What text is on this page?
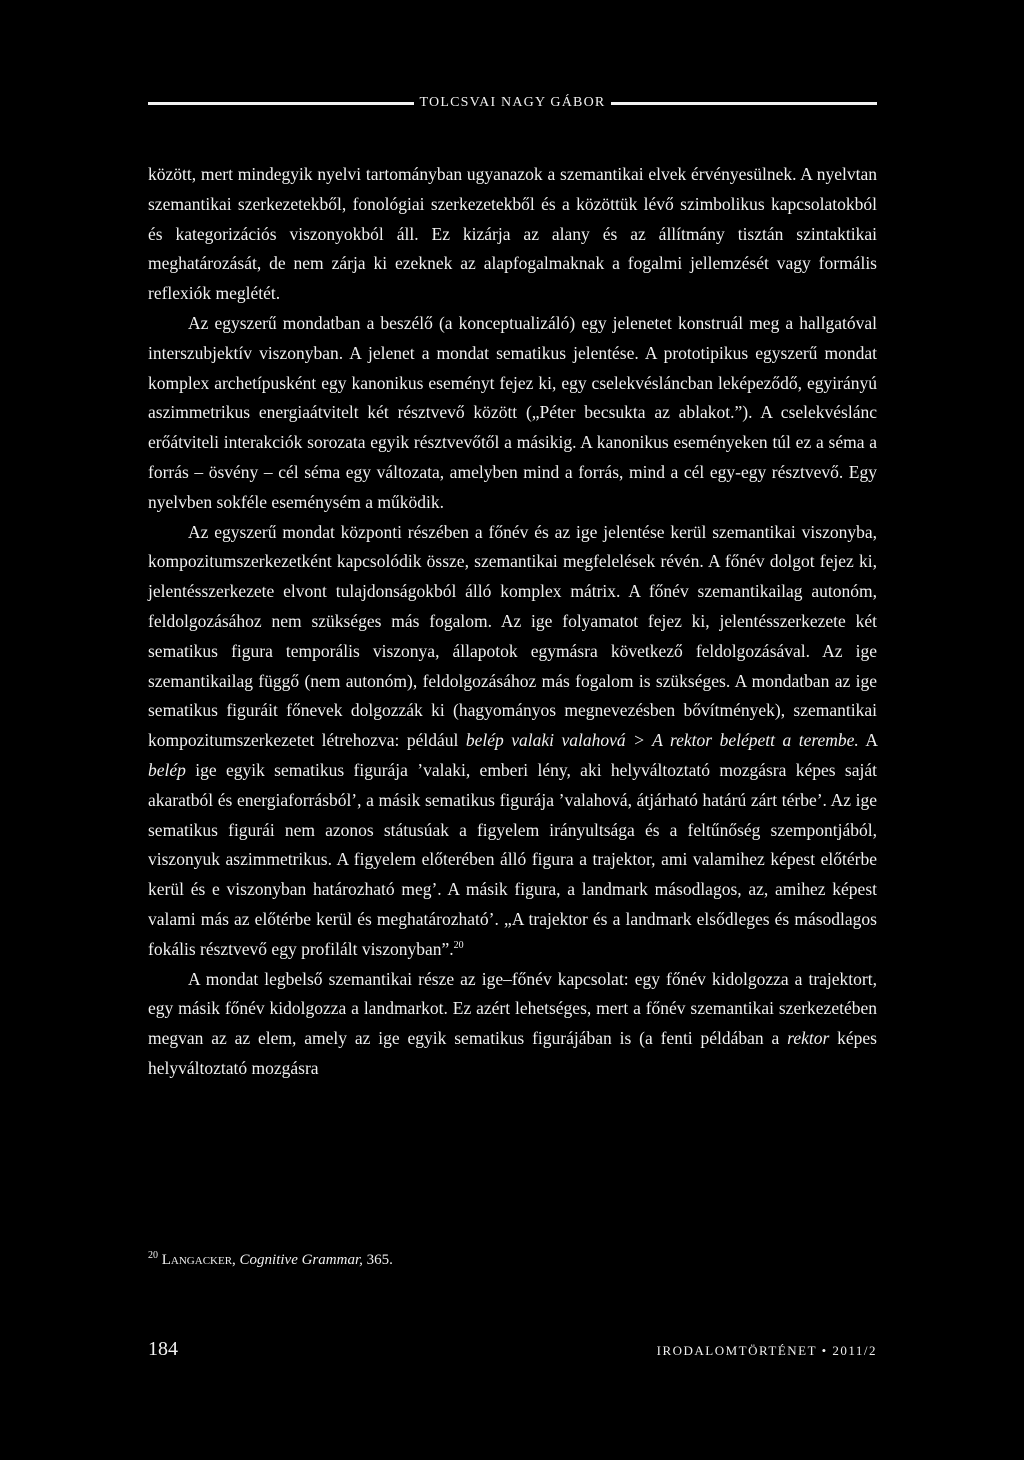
TOLCSVAI NAGY GÁBOR

között, mert mindegyik nyelvi tartományban ugyanazok a szemantikai elvek érvényesülnek. A nyelvtan szemantikai szerkezetekből, fonológiai szerkezetekből és a közöttük lévő szimbolikus kapcsolatokból és kategorizációs viszonyokból áll. Ez kizárja az alany és az állítmány tisztán szintaktikai meghatározását, de nem zárja ki ezeknek az alapfogalmaknak a fogalmi jellemzését vagy formális reflexiók meglétét.

Az egyszerű mondatban a beszélő (a konceptualizáló) egy jelenetet konstruál meg a hallgatóval interszubjektív viszonyban. A jelenet a mondat sematikus jelentése. A prototipikus egyszerű mondat komplex archetípusként egy kanonikus eseményt fejez ki, egy cselekvésláncban leképeződő, egyirányú aszimmetrikus energiaátvitelt két résztvevő között („Péter becsukta az ablakot.”). A cselekvéslánc erőátviteli interakciók sorozata egyik résztvevőtől a másikig. A kanonikus eseményeken túl ez a séma a forrás – ösvény – cél séma egy változata, amelyben mind a forrás, mind a cél egy-egy résztvevő. Egy nyelvben sokféle eseménysém a működik.

Az egyszerű mondat központi részében a főnév és az ige jelentése kerül szemantikai viszonyba, kompozitumszerkezetként kapcsolódik össze, szemantikai megfelelések révén. A főnév dolgot fejez ki, jelentésszerkezete elvont tulajdonságokból álló komplex mátrix. A főnév szemantikailag autonóm, feldolgozásához nem szükséges más fogalom. Az ige folyamatot fejez ki, jelentésszerkezete két sematikus figura temporális viszonya, állapotok egymásra következő feldolgozásával. Az ige szemantikailag függő (nem autonóm), feldolgozásához más fogalom is szükséges. A mondatban az ige sematikus figuráit főnevek dolgozzák ki (hagyományos megnevezésben bővítmények), szemantikai kompozitumszerkezetet létrehozva: például belép valaki valahová > A rektor belépett a terembe. A belép ige egyik sematikus figurája ’valaki, emberi lény, aki helyváltoztató mozgásra képes saját akaratból és energiaforrásból’, a másik sematikus figurája ’valahová, átjárható határú zárt térbe’. Az ige sematikus figurái nem azonos státusúak a figyelem irányultsága és a feltűnőség szempontjából, viszonyuk aszimmetrikus. A figyelem előterében álló figura a trajektor, ami valamihez képest előtérbe kerül és e viszonyban határozható meg’. A másik figura, a landmark másodlagos, az, amihez képest valami más az előtérbe kerül és meghatározható’. „A trajektor és a landmark elsődleges és másodlagos fokális résztvevő egy profilált viszonyban”.$^{20}$

A mondat legbelső szemantikai része az ige–főnév kapcsolat: egy főnév kidolgozza a trajektort, egy másik főnév kidolgozza a landmarkot. Ez azért lehetséges, mert a főnév szemantikai szerkezetében megvan az az elem, amely az ige egyik sematikus figurájában is (a fenti példában a rektor képes helyváltoztató mozgásra

$^{20}$ Langacker, Cognitive Grammar, 365.
184	IRODALOMTÖRTÉNET • 2011/2
